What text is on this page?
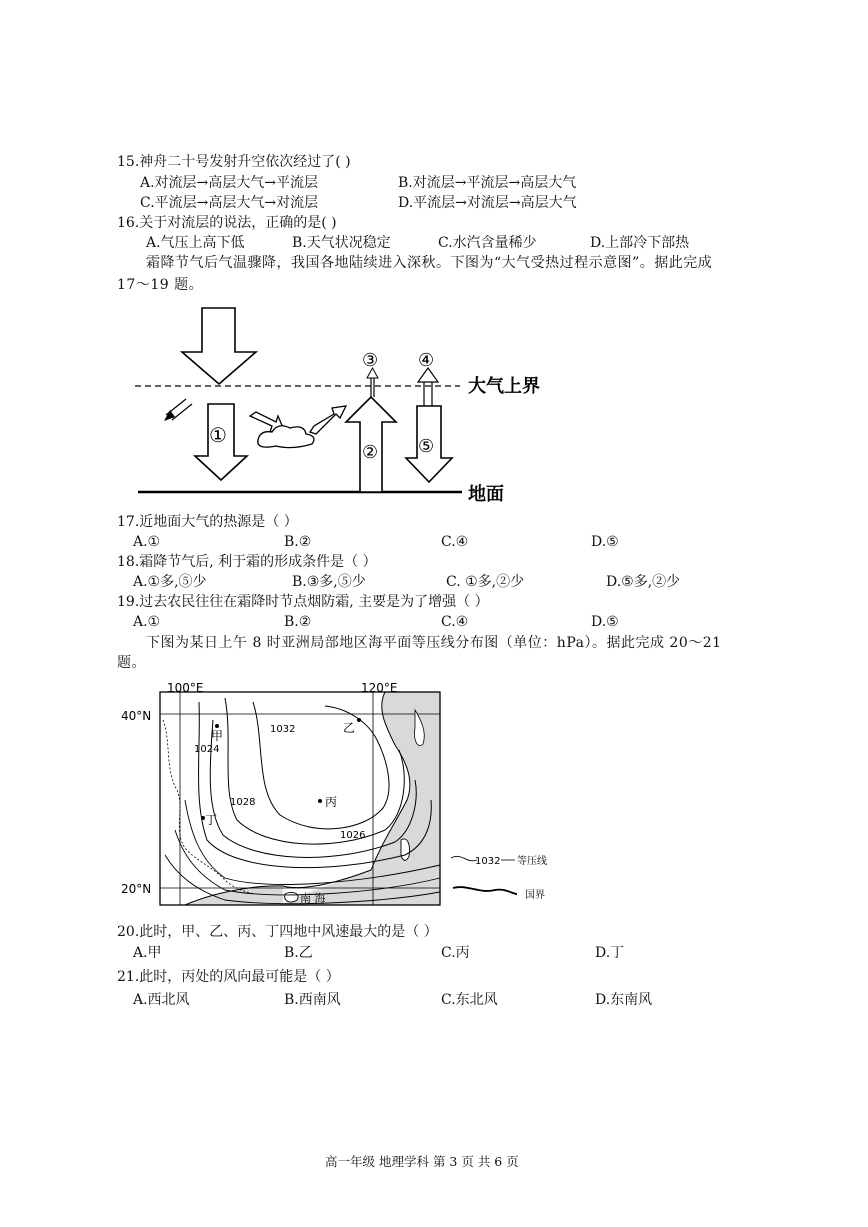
15.神舟二十号发射升空依次经过了( )
A.对流层→高层大气→平流层	B.对流层→平流层→高层大气
C.平流层→高层大气→对流层	D.平流层→对流层→高层大气
16.关于对流层的说法，正确的是( )
A.气压上高下低	B.天气状况稳定	C.水汽含量稀少	D.上部冷下部热
霜降节气后气温骤降，我国各地陆续进入深秋。下图为“大气受热过程示意图”。据此完成
17～19 题。
①
②
③ ④
⑤
大气上界
地面
17.近地面大气的热源是（ ）
A.①	B.②	C.④	D.⑤
18.霜降节气后, 利于霜的形成条件是（ ）
A.①多,⑤少	B.③多,⑤少	C. ①多,②少	D.⑤多,②少
19.过去农民往往在霜降时节点烟防霜, 主要是为了增强（ ）
A.①	B.②	C.④	D.⑤
下图为某日上午 8 时亚洲局部地区海平面等压线分布图（单位：hPa）。据此完成 20～21
题。
100°E	120°E
40°N
20°N
甲
乙
丙
丁
1032
1024
1028
1026
南 海
1032 等压线
国界
20.此时，甲、乙、丙、丁四地中风速最大的是（ ）
A.甲	B.乙	C.丙	D.丁
21.此时，丙处的风向最可能是（ ）
A.西北风	B.西南风	C.东北风	D.东南风
高一年级 地理学科 第 3 页 共 6 页
